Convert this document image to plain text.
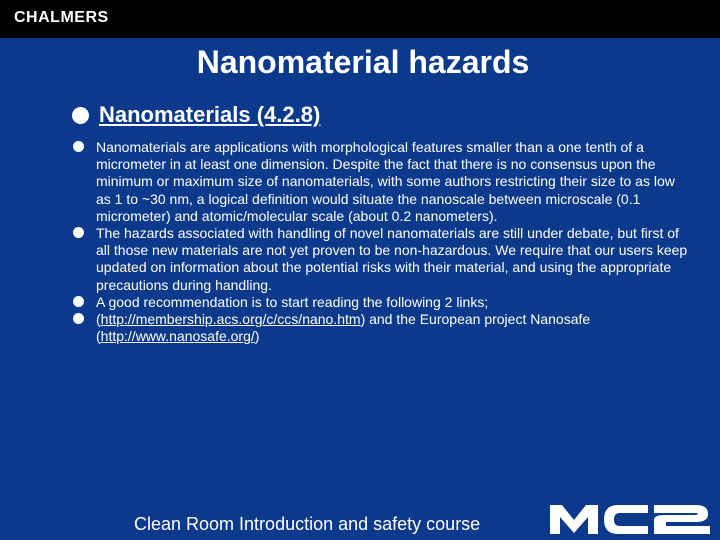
CHALMERS
Nanomaterial hazards
Nanomaterials (4.2.8)
Nanomaterials are applications with morphological features smaller than a one tenth of a micrometer in at least one dimension. Despite the fact that there is no consensus upon the minimum or maximum size of nanomaterials, with some authors restricting their size to as low as 1 to ~30 nm, a logical definition would situate the nanoscale between microscale (0.1 micrometer) and atomic/molecular scale (about 0.2 nanometers).
The hazards associated with handling of novel nanomaterials are still under debate, but first of all those new materials are not yet proven to be non-hazardous. We require that our users keep updated on information about the potential risks with their material, and using the appropriate precautions during handling.
A good recommendation is to start reading the following 2 links;
(http://membership.acs.org/c/ccs/nano.htm) and the European project Nanosafe (http://www.nanosafe.org/)
Clean Room Introduction and safety course
